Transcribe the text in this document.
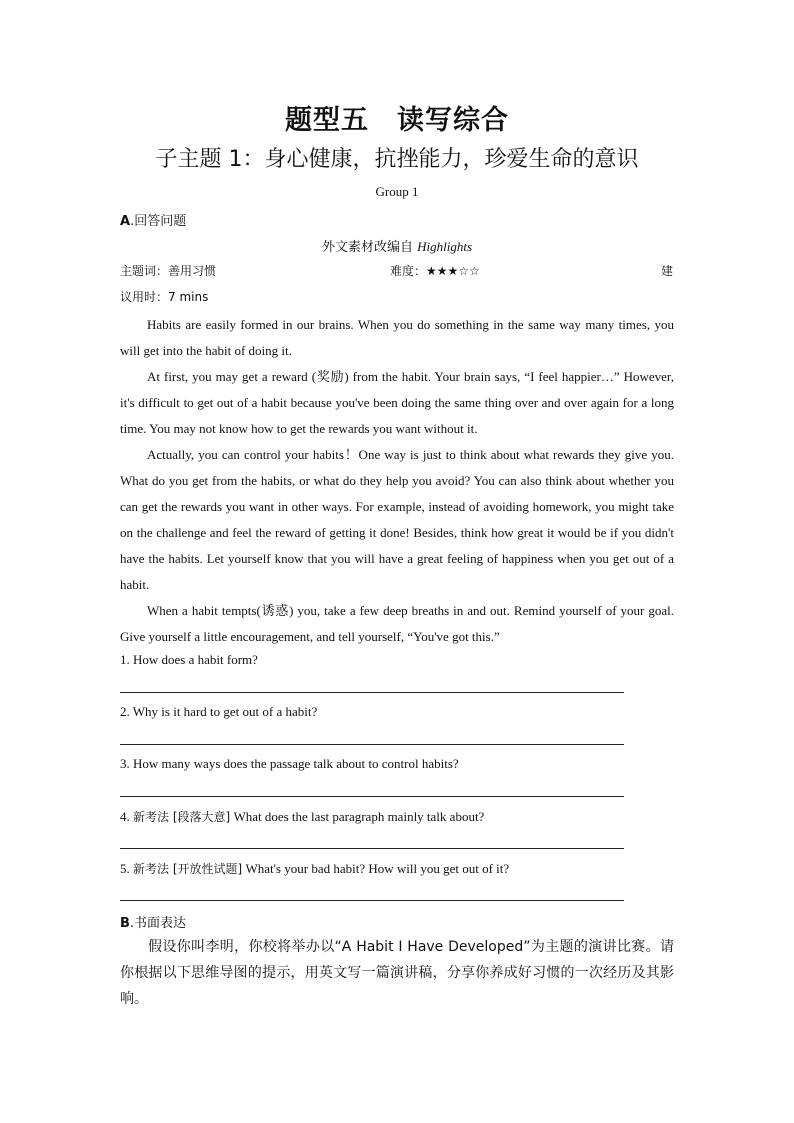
题型五　读写综合
子主题 1：身心健康，抗挫能力，珍爱生命的意识
Group 1
A.回答问题
外文素材改编自 Highlights
主题词：善用习惯	难度：★★★☆☆	建
议用时：7 mins

Habits are easily formed in our brains. When you do something in the same way many times, you will get into the habit of doing it.

At first, you may get a reward (奖励) from the habit. Your brain says, “I feel happier…” However, it's difficult to get out of a habit because you've been doing the same thing over and over again for a long time. You may not know how to get the rewards you want without it.

Actually, you can control your habits！One way is just to think about what rewards they give you. What do you get from the habits, or what do they help you avoid? You can also think about whether you can get the rewards you want in other ways. For example, instead of avoiding homework, you might take on the challenge and feel the reward of getting it done! Besides, think how great it would be if you didn't have the habits. Let yourself know that you will have a great feeling of happiness when you get out of a habit.

When a habit tempts(诱惑) you, take a few deep breaths in and out. Remind yourself of your goal. Give yourself a little encouragement, and tell yourself, “You've got this.”

1. How does a habit form?
2. Why is it hard to get out of a habit?
3. How many ways does the passage talk about to control habits?
4. 新考法 [段落大意] What does the last paragraph mainly talk about?
5. 新考法 [开放性试题] What's your bad habit? How will you get out of it?
B.书面表达
假设你叫李明，你校将举办以“A Habit I Have Developed”为主题的演讲比赛。请你根据以下思维导图的提示，用英文写一篇演讲稿，分享你养成好习惯的一次经历及其影响。
